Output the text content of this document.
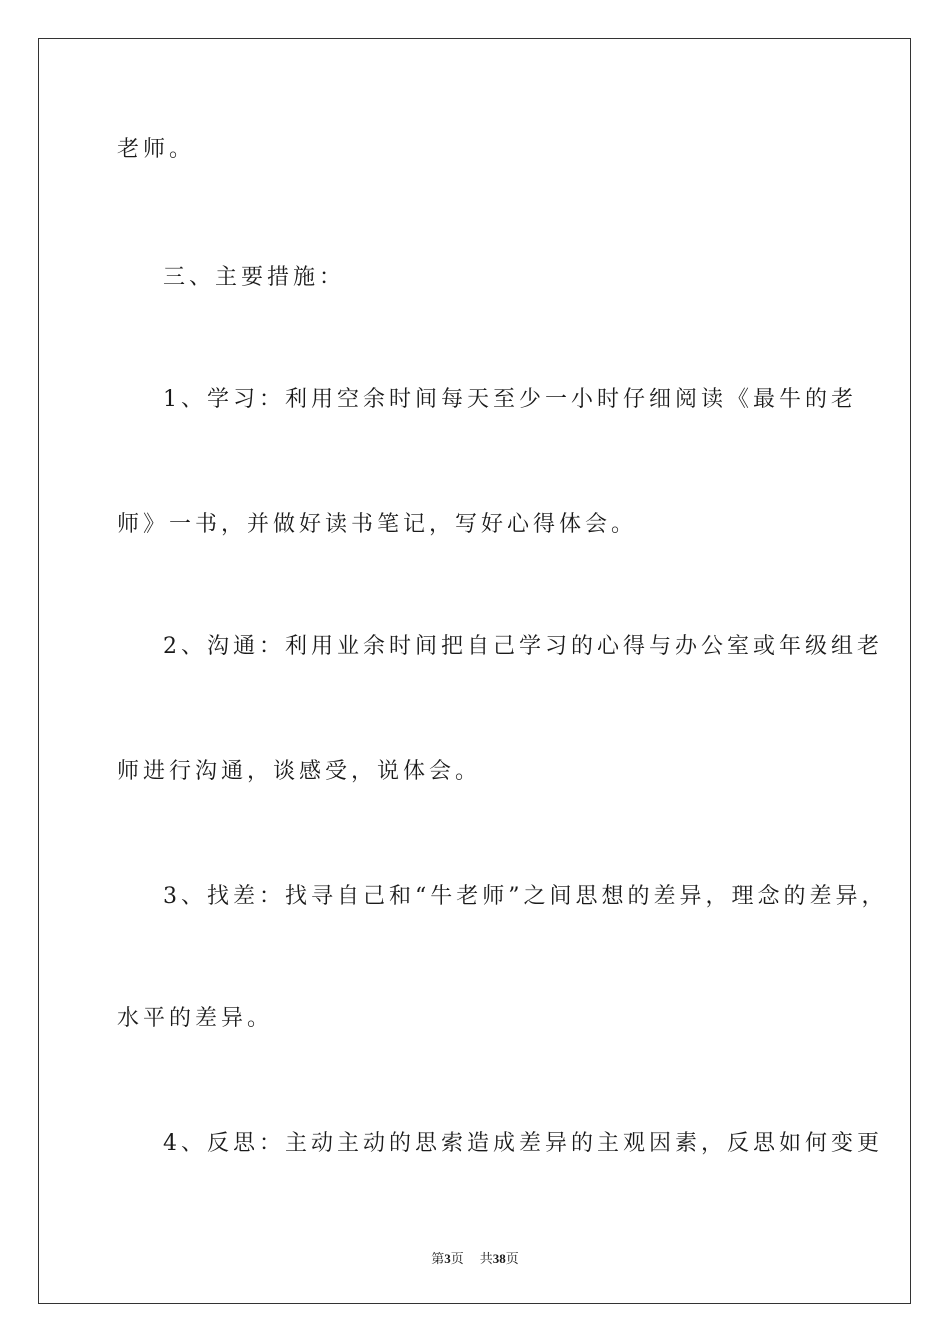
老师。
三、主要措施：
1、学习：利用空余时间每天至少一小时仔细阅读《最牛的老
师》一书，并做好读书笔记，写好心得体会。
2、沟通：利用业余时间把自己学习的心得与办公室或年级组老
师进行沟通，谈感受，说体会。
3、找差：找寻自己和“牛老师”之间思想的差异，理念的差异，
水平的差异。
4、反思：主动主动的思索造成差异的主观因素，反思如何变更
第3页 共38页
